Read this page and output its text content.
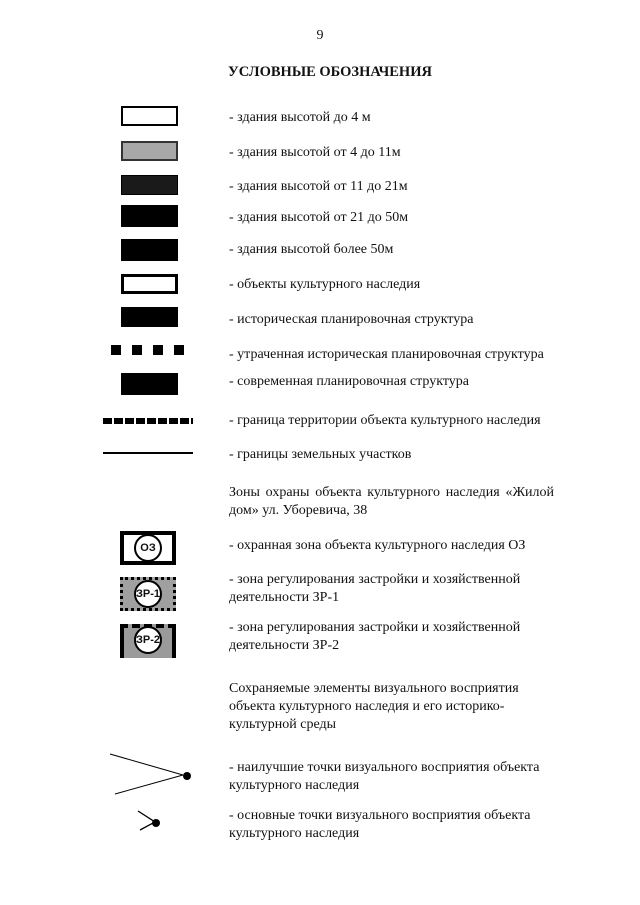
9
УСЛОВНЫЕ ОБОЗНАЧЕНИЯ
- здания высотой до 4 м
- здания высотой от 4 до 11м
- здания высотой от 11 до 21м
- здания высотой от 21 до 50м
- здания высотой более 50м
- объекты культурного наследия
- историческая планировочная структура
- утраченная историческая планировочная структура
- современная планировочная структура
- граница территории объекта культурного наследия
- границы земельных участков
Зоны охраны объекта культурного наследия «Жилой дом» ул. Уборевича, 38
ОЗ	- охранная зона объекта культурного наследия ОЗ
ЗР-1
- зона регулирования застройки и хозяйственной деятельности ЗР-1
ЗР-2
- зона регулирования застройки и хозяйственной деятельности ЗР-2
Сохраняемые элементы визуального восприятия объекта культурного наследия и его историко-культурной среды
- наилучшие точки визуального восприятия объекта культурного наследия
- основные точки визуального восприятия объекта культурного наследия
